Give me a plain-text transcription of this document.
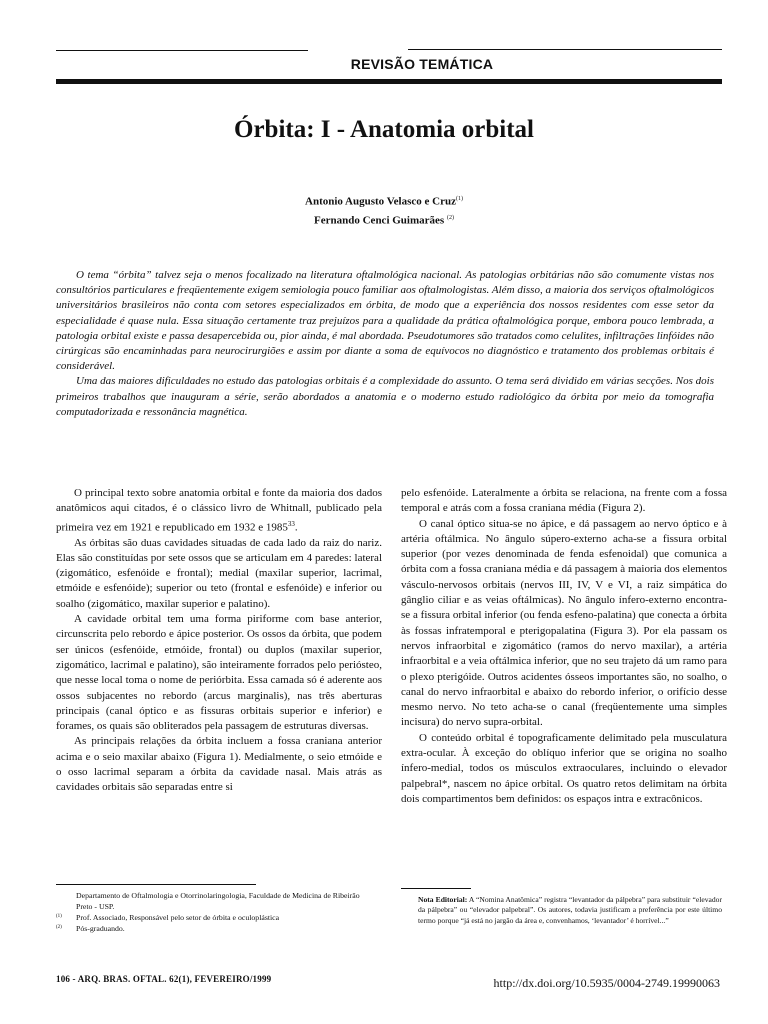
REVISÃO TEMÁTICA
Órbita: I - Anatomia orbital
Antonio Augusto Velasco e Cruz$^{(1)}$
Fernando Cenci Guimarães $^{(2)}$

O tema “órbita” talvez seja o menos focalizado na literatura oftalmológica nacional. As patologias orbitárias não são comumente vistas nos consultórios particulares e freqüentemente exigem semiologia pouco familiar aos oftalmologistas. Além disso, a maioria dos serviços oftalmológicos universitários brasileiros não conta com setores especializados em órbita, de modo que a experiência dos nossos residentes com esse setor da especialidade é quase nula. Essa situação certamente traz prejuízos para a qualidade da prática oftalmológica porque, embora pouco lembrada, a patologia orbital existe e passa desapercebida ou, pior ainda, é mal abordada. Pseudotumores são tratados como celulites, infiltrações linfóides não cirúrgicas são encaminhadas para neurocirurgiões e assim por diante a soma de equívocos no diagnóstico e tratamento dos problemas orbitais é considerável.

Uma das maiores dificuldades no estudo das patologias orbitais é a complexidade do assunto. O tema será dividido em várias secções. Nos dois primeiros trabalhos que inauguram a série, serão abordados a anatomia e o moderno estudo radiológico da órbita por meio da tomografia computadorizada e ressonância magnética.

O principal texto sobre anatomia orbital e fonte da maioria dos dados anatômicos aqui citados, é o clássico livro de Whitnall, publicado pela primeira vez em 1921 e republicado em 1932 e 1985$^{33}$.

As órbitas são duas cavidades situadas de cada lado da raiz do nariz. Elas são constituídas por sete ossos que se articulam em 4 paredes: lateral (zigomático, esfenóide e frontal); medial (maxilar superior, lacrimal, etmóide e esfenóide); superior ou teto (frontal e esfenóide) e inferior ou soalho (zigomático, maxilar superior e palatino).

A cavidade orbital tem uma forma piriforme com base anterior, circunscrita pelo rebordo e ápice posterior. Os ossos da órbita, que podem ser únicos (esfenóide, etmóide, frontal) ou duplos (maxilar superior, zigomático, lacrimal e palatino), são inteiramente forrados pelo periósteo, que nesse local toma o nome de periórbita. Essa camada só é aderente aos ossos subjacentes no rebordo (arcus marginalis), nas três aberturas principais (canal óptico e as fissuras orbitais superior e inferior) e forames, os quais são obliterados pela passagem de estruturas diversas.

As principais relações da órbita incluem a fossa craniana anterior acima e o seio maxilar abaixo (Figura 1). Medialmente, o seio etmóide e o osso lacrimal separam a órbita da cavidade nasal. Mais atrás as cavidades orbitais são separadas entre si

pelo esfenóide. Lateralmente a órbita se relaciona, na frente com a fossa temporal e atrás com a fossa craniana média (Figura 2).

O canal óptico situa-se no ápice, e dá passagem ao nervo óptico e à artéria oftálmica. No ângulo súpero-externo acha-se a fissura orbital superior (por vezes denominada de fenda esfenoidal) que comunica a órbita com a fossa craniana média e dá passagem à maioria dos elementos vásculo-nervosos orbitais (nervos III, IV, V e VI, a raiz simpática do gânglio ciliar e as veias oftálmicas). No ângulo ínfero-externo encontra-se a fissura orbital inferior (ou fenda esfeno-palatina) que conecta a órbita às fossas infratemporal e pterigopalatina (Figura 3). Por ela passam os nervos infraorbital e zigomático (ramos do nervo maxilar), a artéria infraorbital e a veia oftálmica inferior, que no seu trajeto dá um ramo para o plexo pterigóide. Outros acidentes ósseos importantes são, no soalho, o canal do nervo infraorbital e abaixo do rebordo inferior, o orifício desse mesmo nervo. No teto acha-se o canal (freqüentemente uma simples incisura) do nervo supra-orbital.

O conteúdo orbital é topograficamente delimitado pela musculatura extra-ocular. À exceção do oblíquo inferior que se origina no soalho ínfero-medial, todos os músculos extraoculares, incluindo o elevador palpebral*, nascem no ápice orbital. Os quatro retos delimitam na órbita dois compartimentos bem definidos: os espaços intra e extracônicos.

Departamento de Oftalmologia e Otorrinolaringologia, Faculdade de Medicina de Ribeirão Preto - USP.
(1) Prof. Associado, Responsável pelo setor de órbita e oculoplástica
(2) Pós-graduando.
Nota Editorial: A “Nomina Anatômica” registra “levantador da pálpebra” para substituir “elevador da pálpebra” ou “elevador palpebral”. Os autores, todavia justificam a preferência por este último termo porque “já está no jargão da área e, convenhamos, ‘levantador’ é horrível...”
106 - ARQ. BRAS. OFTAL. 62(1), FEVEREIRO/1999	http://dx.doi.org/10.5935/0004-2749.19990063
